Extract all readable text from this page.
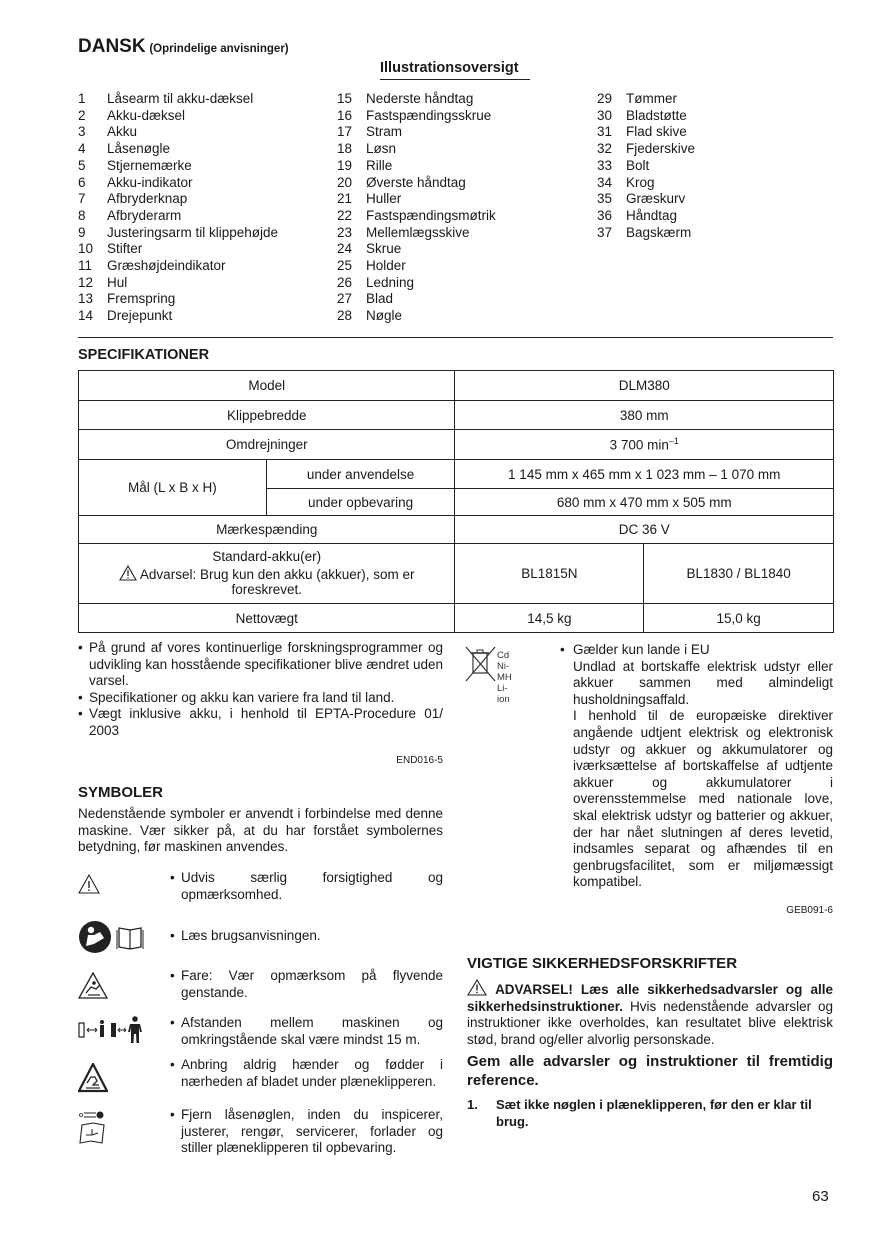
DANSK (Oprindelige anvisninger)
Illustrationsoversigt
1	Låsearm til akku-dæksel
2	Akku-dæksel
3	Akku
4	Låsenøgle
5	Stjernemærke
6	Akku-indikator
7	Afbryderknap
8	Afbryderarm
9	Justeringsarm til klippehøjde
10	Stifter
11	Græshøjdeindikator
12	Hul
13	Fremspring
14	Drejepunkt
15	Nederste håndtag
16	Fastspændingsskrue
17	Stram
18	Løsn
19	Rille
20	Øverste håndtag
21	Huller
22	Fastspændingsmøtrik
23	Mellemlægsskive
24	Skrue
25	Holder
26	Ledning
27	Blad
28	Nøgle
29	Tømmer
30	Bladstøtte
31	Flad skive
32	Fjederskive
33	Bolt
34	Krog
35	Græskurv
36	Håndtag
37	Bagskærm
SPECIFIKATIONER
Model		DLM380	
Klippebredde		380 mm	
Omdrejninger		3 700 $\min^{-1}$
Mål (L x B x H)	under anvendelse	1 145 mm x 465 mm x 1 023 mm – 1 070 mm	
	under opbevaring	680 mm x 470 mm x 505 mm	
Mærkespænding		DC 36 V	

Standard-akku(er)
Advarsel: Brug kun den akku (akkuer), som er foreskrevet.		BL1815N	BL1830 / BL1840
Nettovægt		14,5 kg	15,0 kg
• På grund af vores kontinuerlige forskningsprogrammer og udvikling kan hosstående specifikationer blive ændret uden varsel.
• Specifikationer og akku kan variere fra land til land.
• Vægt inklusive akku, i henhold til EPTA-Procedure 01/ 2003
END016-5
Cd
Ni-MH
Li-ion
• Gælder kun lande i EU
Undlad at bortskaffe elektrisk udstyr eller akkuer sammen med almindeligt husholdningsaffald.
I henhold til de europæiske direktiver angående udtjent elektrisk og elektronisk udstyr og akkuer og akkumulatorer og iværksættelse af bortskaffelse af udtjente akkuer og akkumulatorer i overensstemmelse med nationale love, skal elektrisk udstyr og batterier og akkuer, der har nået slutningen af deres levetid, indsamles separat og afhændes til en genbrugsfacilitet, som er miljømæssigt kompatibel.
GEB091-6
SYMBOLER
Nedenstående symboler er anvendt i forbindelse med denne maskine. Vær sikker på, at du har forstået symbolernes betydning, før maskinen anvendes.
• Udvis særlig forsigtighed og opmærksomhed.
• Læs brugsanvisningen.
• Fare: Vær opmærksom på flyvende genstande.
• Afstanden mellem maskinen og omkringstående skal være mindst 15 m.
• Anbring aldrig hænder og fødder i nærheden af bladet under plæneklipperen.
• Fjern låsenøglen, inden du inspicerer, justerer, rengør, servicerer, forlader og stiller plæneklipperen til opbevaring.
VIGTIGE SIKKERHEDSFORSKRIFTER
ADVARSEL! Læs alle sikkerhedsadvarsler og alle sikkerhedsinstruktioner. Hvis nedenstående advarsler og instruktioner ikke overholdes, kan resultatet blive elektrisk stød, brand og/eller alvorlig personskade.
Gem alle advarsler og instruktioner til fremtidig reference.
1.	Sæt ikke nøglen i plæneklipperen, før den er klar til brug.
63
